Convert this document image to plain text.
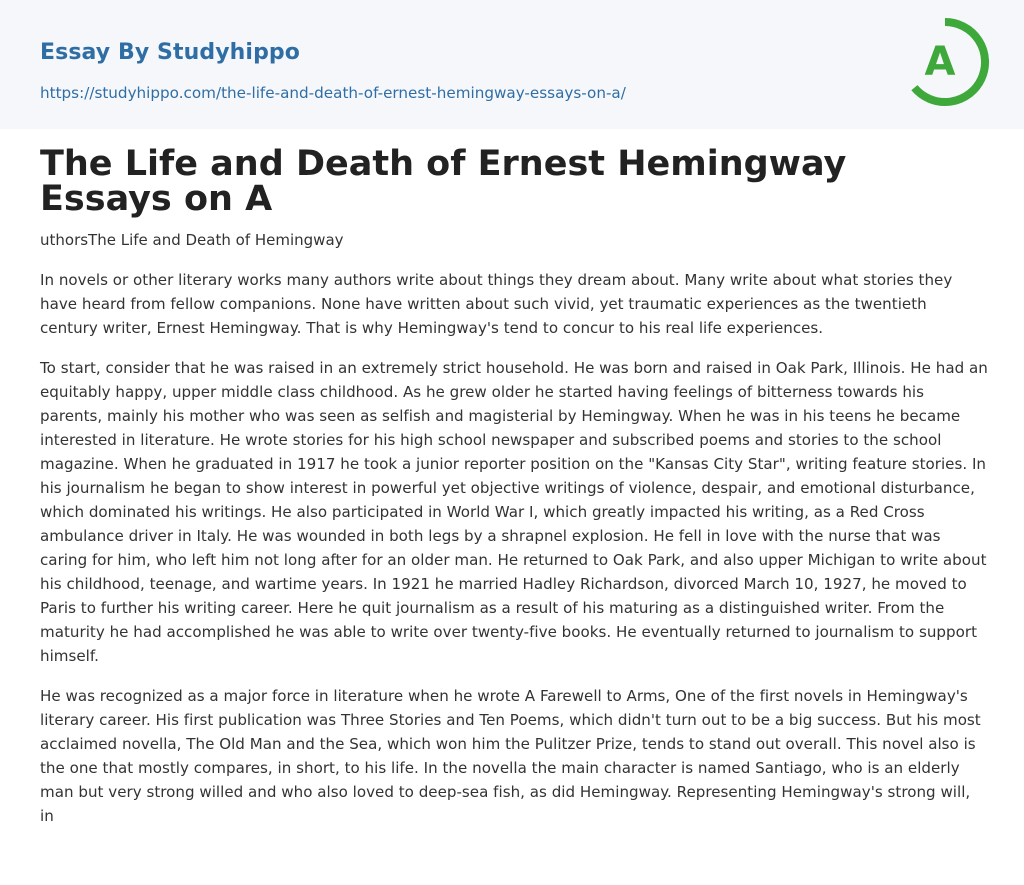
Essay By Studyhippo
https://studyhippo.com/the-life-and-death-of-ernest-hemingway-essays-on-a/
A
The Life and Death of Ernest Hemingway Essays on A

uthorsThe Life and Death of Hemingway

In novels or other literary works many authors write about things they dream about. Many write about what stories they have heard from fellow companions. None have written about such vivid, yet traumatic experiences as the twentieth century writer, Ernest Hemingway. That is why Hemingway's tend to concur to his real life experiences.

To start, consider that he was raised in an extremely strict household. He was born and raised in Oak Park, Illinois. He had an equitably happy, upper middle class childhood. As he grew older he started having feelings of bitterness towards his parents, mainly his mother who was seen as selfish and magisterial by Hemingway. When he was in his teens he became interested in literature. He wrote stories for his high school newspaper and subscribed poems and stories to the school magazine. When he graduated in 1917 he took a junior reporter position on the "Kansas City Star", writing feature stories. In his journalism he began to show interest in powerful yet objective writings of violence, despair, and emotional disturbance, which dominated his writings. He also participated in World War I, which greatly impacted his writing, as a Red Cross ambulance driver in Italy. He was wounded in both legs by a shrapnel explosion. He fell in love with the nurse that was caring for him, who left him not long after for an older man. He returned to Oak Park, and also upper Michigan to write about his childhood, teenage, and wartime years. In 1921 he married Hadley Richardson, divorced March 10, 1927, he moved to Paris to further his writing career. Here he quit journalism as a result of his maturing as a distinguished writer. From the maturity he had accomplished he was able to write over twenty-five books. He eventually returned to journalism to support himself.

He was recognized as a major force in literature when he wrote A Farewell to Arms, One of the first novels in Hemingway's literary career. His first publication was Three Stories and Ten Poems, which didn't turn out to be a big success. But his most acclaimed novella, The Old Man and the Sea, which won him the Pulitzer Prize, tends to stand out overall. This novel also is the one that mostly compares, in short, to his life. In the novella the main character is named Santiago, who is an elderly man but very strong willed and who also loved to deep-sea fish, as did Hemingway. Representing Hemingway's strong will, in
